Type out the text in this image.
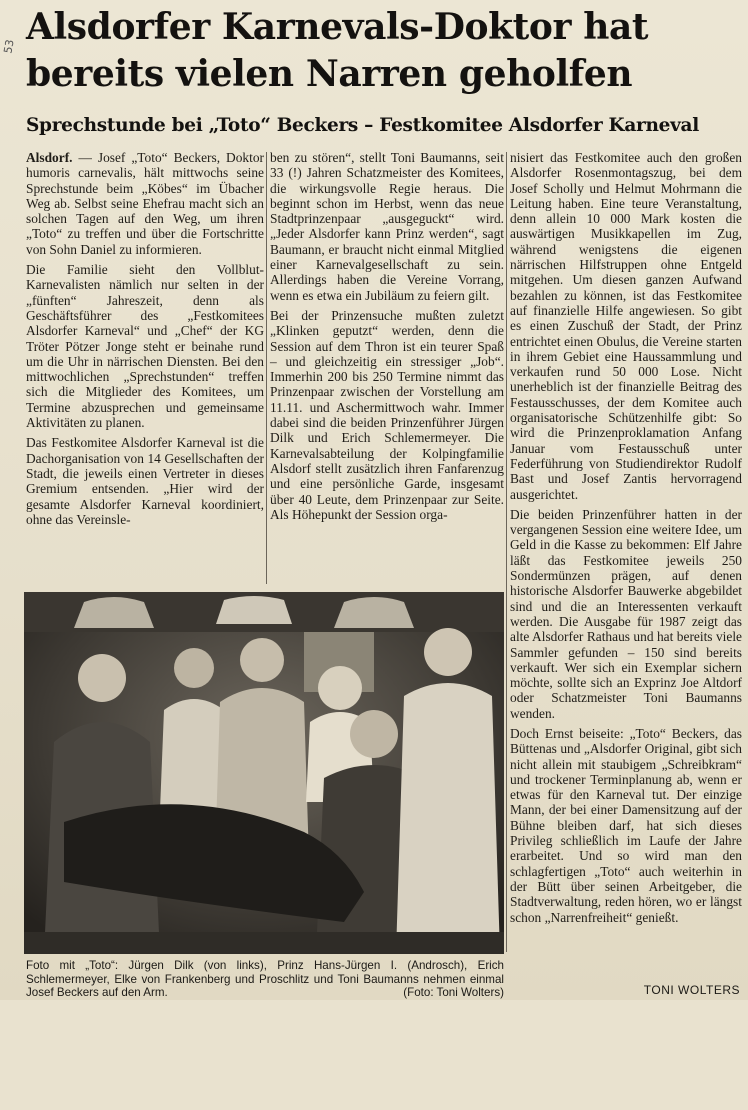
53 Alsdorfer Karnevals-Doktor hat bereits vielen Narren geholfen
Sprechstunde bei „Toto“ Beckers – Festkomitee Alsdorfer Karneval

Alsdorf. — Josef „Toto“ Beckers, Doktor humoris carnevalis, hält mittwochs seine Sprechstunde beim „Köbes“ im Übacher Weg ab. Selbst seine Ehefrau macht sich an solchen Tagen auf den Weg, um ihren „Toto“ zu treffen und über die Fortschritte von Sohn Daniel zu informieren.

Die Familie sieht den Vollblut-Karnevalisten nämlich nur selten in der „fünften“ Jahreszeit, denn als Geschäftsführer des „Festkomitees Alsdorfer Karneval“ und „Chef“ der KG Tröter Pötzer Jonge steht er beinahe rund um die Uhr in närrischen Diensten. Bei den mittwochlichen „Sprechstunden“ treffen sich die Mitglieder des Komitees, um Termine abzusprechen und gemeinsame Aktivitäten zu planen.

Das Festkomitee Alsdorfer Karneval ist die Dachorganisation von 14 Gesellschaften der Stadt, die jeweils einen Vertreter in dieses Gremium entsenden. „Hier wird der gesamte Alsdorfer Karneval koordiniert, ohne das Vereinsle-

ben zu stören“, stellt Toni Baumanns, seit 33 (!) Jahren Schatzmeister des Komitees, die wirkungsvolle Regie heraus. Die beginnt schon im Herbst, wenn das neue Stadtprinzenpaar „ausgeguckt“ wird. „Jeder Alsdorfer kann Prinz werden“, sagt Baumann, er braucht nicht einmal Mitglied einer Karnevalgesellschaft zu sein. Allerdings haben die Vereine Vorrang, wenn es etwa ein Jubiläum zu feiern gilt.

Bei der Prinzensuche mußten zuletzt „Klinken geputzt“ werden, denn die Session auf dem Thron ist ein teurer Spaß – und gleichzeitig ein stressiger „Job“. Immerhin 200 bis 250 Termine nimmt das Prinzenpaar zwischen der Vorstellung am 11.11. und Aschermittwoch wahr. Immer dabei sind die beiden Prinzenführer Jürgen Dilk und Erich Schlemermeyer. Die Karnevalsabteilung der Kolpingfamilie Alsdorf stellt zusätzlich ihren Fanfarenzug und eine persönliche Garde, insgesamt über 40 Leute, dem Prinzenpaar zur Seite. Als Höhepunkt der Session orga-

nisiert das Festkomitee auch den großen Alsdorfer Rosenmontagszug, bei dem Josef Scholly und Helmut Mohrmann die Leitung haben. Eine teure Veranstaltung, denn allein 10 000 Mark kosten die auswärtigen Musikkapellen im Zug, während wenigstens die eigenen närrischen Hilfstruppen ohne Entgeld mitgehen. Um diesen ganzen Aufwand bezahlen zu können, ist das Festkomitee auf finanzielle Hilfe angewiesen. So gibt es einen Zuschuß der Stadt, der Prinz entrichtet einen Obulus, die Vereine starten in ihrem Gebiet eine Haussammlung und verkaufen rund 50 000 Lose. Nicht unerheblich ist der finanzielle Beitrag des Festausschusses, der dem Komitee auch organisatorische Schützenhilfe gibt: So wird die Prinzenproklamation Anfang Januar vom Festausschuß unter Federführung von Studiendirektor Rudolf Bast und Josef Zantis hervorragend ausgerichtet.

Die beiden Prinzenführer hatten in der vergangenen Session eine weitere Idee, um Geld in die Kasse zu bekommen: Elf Jahre läßt das Festkomitee jeweils 250 Sondermünzen prägen, auf denen historische Alsdorfer Bauwerke abgebildet sind und die an Interessenten verkauft werden. Die Ausgabe für 1987 zeigt das alte Alsdorfer Rathaus und hat bereits viele Sammler gefunden – 150 sind bereits verkauft. Wer sich ein Exemplar sichern möchte, sollte sich an Exprinz Joe Altdorf oder Schatzmeister Toni Baumanns wenden.

Doch Ernst beiseite: „Toto“ Beckers, das Büttenas und „Alsdorfer Original, gibt sich nicht allein mit staubigem „Schreibkram“ und trockener Terminplanung ab, wenn er etwas für den Karneval tut. Der einzige Mann, der bei einer Damensitzung auf der Bühne bleiben darf, hat sich dieses Privileg schließlich im Laufe der Jahre erarbeitet. Und so wird man den schlagfertigen „Toto“ auch weiterhin in der Bütt über seinen Arbeitgeber, die Stadtverwaltung, reden hören, wo er längst schon „Narrenfreiheit“ genießt.

Foto mit „Toto“: Jürgen Dilk (von links), Prinz Hans-Jürgen I. (Androsch), Erich Schlemermeyer, Elke von Frankenberg und Proschlitz und Toni Baumanns nehmen einmal Josef Beckers auf den Arm.	(Foto: Toni Wolters)	TONI WOLTERS
